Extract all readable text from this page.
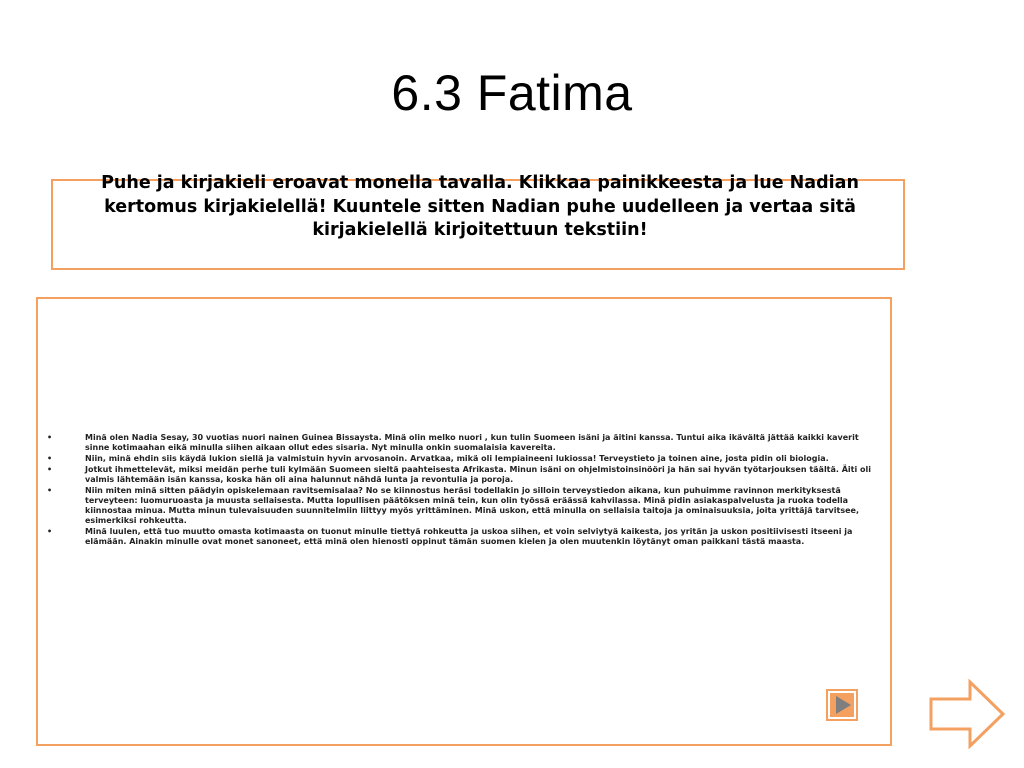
6.3 Fatima
Puhe ja kirjakieli eroavat monella tavalla. Klikkaa painikkeesta ja lue Nadian kertomus kirjakielellä! Kuuntele sitten Nadian puhe uudelleen ja vertaa sitä kirjakielellä kirjoitettuun tekstiin!
•	Minä olen Nadia Sesay, 30 vuotias nuori nainen Guinea Bissaysta. Minä olin melko nuori , kun tulin Suomeen isäni ja äitini kanssa. Tuntui aika ikävältä jättää kaikki kaverit sinne kotimaahan eikä minulla siihen aikaan ollut edes sisaria. Nyt minulla onkin suomalaisia kavereita.
•	Niin, minä ehdin siis käydä lukion siellä ja valmistuin hyvin arvosanoin. Arvatkaa, mikä oli lempiaineeni lukiossa! Terveystieto ja toinen aine, josta pidin oli biologia.
•	Jotkut ihmettelevät, miksi meidän perhe tuli kylmään Suomeen sieltä paahteisesta Afrikasta. Minun isäni on ohjelmistoinsinööri ja hän sai hyvän työtarjouksen täältä. Äiti oli valmis lähtemään isän kanssa, koska hän oli aina halunnut nähdä lunta ja revontulia ja poroja.
•	Niin miten minä sitten päädyin opiskelemaan ravitsemisalaa? No se kiinnostus heräsi todellakin jo silloin terveystiedon aikana, kun puhuimme ravinnon merkityksestä terveyteen: luomuruoasta ja muusta sellaisesta. Mutta lopullisen päätöksen minä tein, kun olin työssä eräässä kahvilassa. Minä pidin asiakaspalvelusta ja ruoka todella kiinnostaa minua. Mutta minun tulevaisuuden suunnitelmiin liittyy myös yrittäminen. Minä uskon, että minulla on sellaisia taitoja ja ominaisuuksia, joita yrittäjä tarvitsee, esimerkiksi rohkeutta.
•	Minä luulen, että tuo muutto omasta kotimaasta on tuonut minulle tiettyä rohkeutta ja uskoa siihen, et voin selviytyä kaikesta, jos yritän ja uskon positiivisesti itseeni ja elämään. Ainakin minulle ovat monet sanoneet, että minä olen hienosti oppinut tämän suomen kielen ja olen muutenkin löytänyt oman paikkani tästä maasta.
